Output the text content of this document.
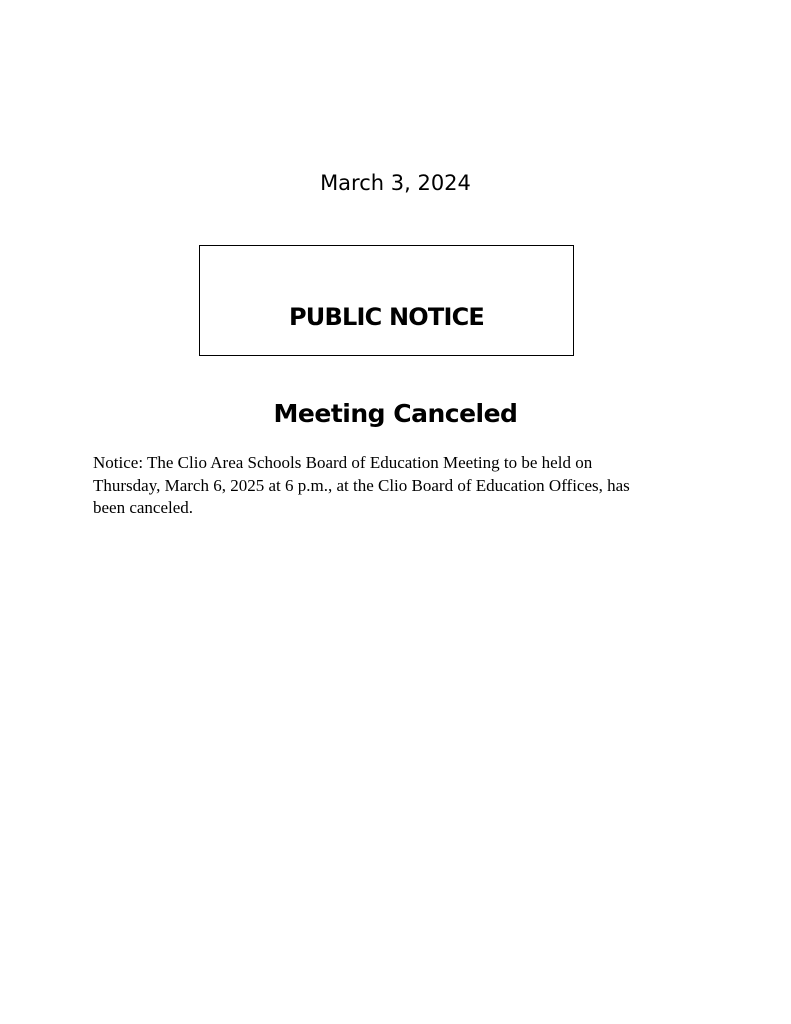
March 3, 2024
PUBLIC NOTICE
Meeting Canceled
Notice: The Clio Area Schools Board of Education Meeting to be held on
Thursday, March 6, 2025 at 6 p.m., at the Clio Board of Education Offices, has
been canceled.
